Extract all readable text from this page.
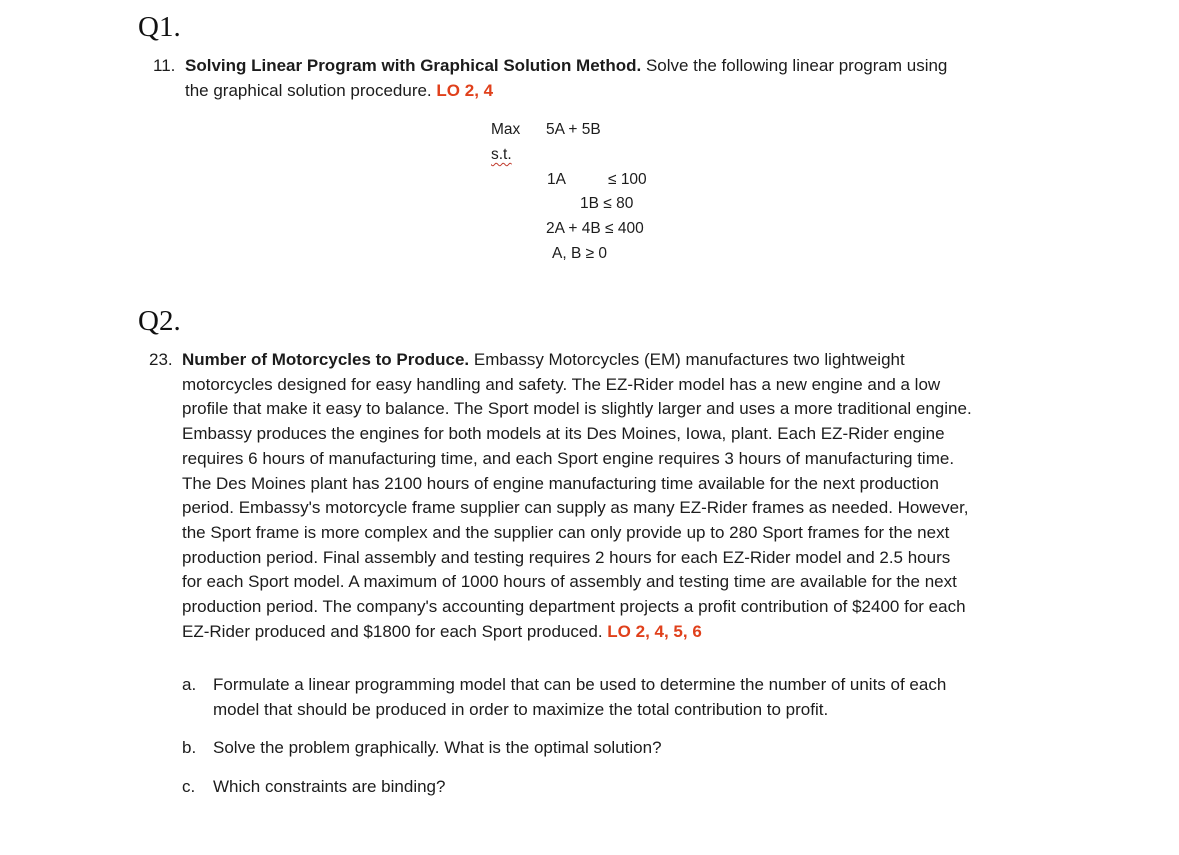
Q1.
11. Solving Linear Program with Graphical Solution Method. Solve the following linear program using the graphical solution procedure. LO 2, 4
Max 5A + 5B
s.t.
1A	≤ 100
1B ≤ 80
2A + 4B ≤ 400
A, B ≥ 0
Q2.
23. Number of Motorcycles to Produce. Embassy Motorcycles (EM) manufactures two lightweight motorcycles designed for easy handling and safety. The EZ-Rider model has a new engine and a low profile that make it easy to balance. The Sport model is slightly larger and uses a more traditional engine. Embassy produces the engines for both models at its Des Moines, Iowa, plant. Each EZ-Rider engine requires 6 hours of manufacturing time, and each Sport engine requires 3 hours of manufacturing time. The Des Moines plant has 2100 hours of engine manufacturing time available for the next production period. Embassy's motorcycle frame supplier can supply as many EZ-Rider frames as needed. However, the Sport frame is more complex and the supplier can only provide up to 280 Sport frames for the next production period. Final assembly and testing requires 2 hours for each EZ-Rider model and 2.5 hours for each Sport model. A maximum of 1000 hours of assembly and testing time are available for the next production period. The company's accounting department projects a profit contribution of $2400 for each EZ-Rider produced and $1800 for each Sport produced. LO 2, 4, 5, 6
a. Formulate a linear programming model that can be used to determine the number of units of each model that should be produced in order to maximize the total contribution to profit.
b. Solve the problem graphically. What is the optimal solution?
c.	Which constraints are binding?
